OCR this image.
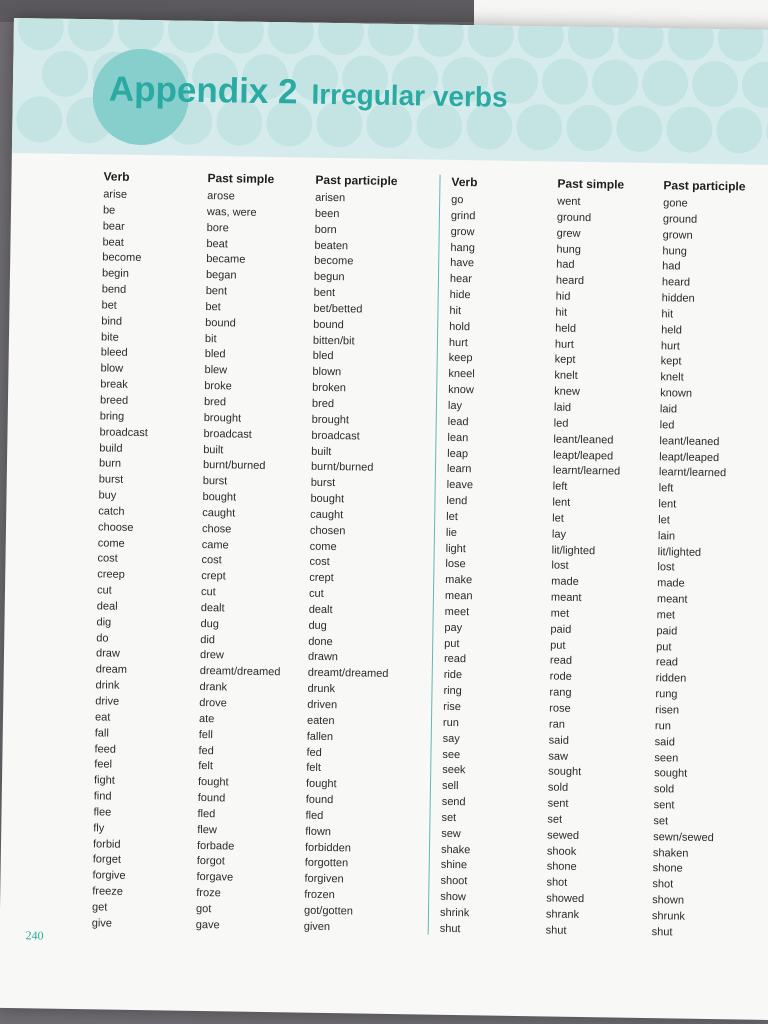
Appendix 2 Irregular verbs
Verb
arise
be
bear
beat
become
begin
bend
bet
bind
bite
bleed
blow
break
breed
bring
broadcast
build
burn
burst
buy
catch
choose
come
cost
creep
cut
deal
dig
do
draw
dream
drink
drive
eat
fall
feed
feel
fight
find
flee
fly
forbid
forget
forgive
freeze
get
give
Past simple
arose
was, were
bore
beat
became
began
bent
bet
bound
bit
bled
blew
broke
bred
brought
broadcast
built
burnt/burned
burst
bought
caught
chose
came
cost
crept
cut
dealt
dug
did
drew
dreamt/dreamed
drank
drove
ate
fell
fed
felt
fought
found
fled
flew
forbade
forgot
forgave
froze
got
gave
Past participle
arisen
been
born
beaten
become
begun
bent
bet/betted
bound
bitten/bit
bled
blown
broken
bred
brought
broadcast
built
burnt/burned
burst
bought
caught
chosen
come
cost
crept
cut
dealt
dug
done
drawn
dreamt/dreamed
drunk
driven
eaten
fallen
fed
felt
fought
found
fled
flown
forbidden
forgotten
forgiven
frozen
got/gotten
given
Verb
go
grind
grow
hang
have
hear
hide
hit
hold
hurt
keep
kneel
know
lay
lead
lean
leap
learn
leave
lend
let
lie
light
lose
make
mean
meet
pay
put
read
ride
ring
rise
run
say
see
seek
sell
send
set
sew
shake
shine
shoot
show
shrink
shut
Past simple
went
ground
grew
hung
had
heard
hid
hit
held
hurt
kept
knelt
knew
laid
led
leant/leaned
leapt/leaped
learnt/learned
left
lent
let
lay
lit/lighted
lost
made
meant
met
paid
put
read
rode
rang
rose
ran
said
saw
sought
sold
sent
set
sewed
shook
shone
shot
showed
shrank
shut
Past participle
gone
ground
grown
hung
had
heard
hidden
hit
held
hurt
kept
knelt
known
laid
led
leant/leaned
leapt/leaped
learnt/learned
left
lent
let
lain
lit/lighted
lost
made
meant
met
paid
put
read
ridden
rung
risen
run
said
seen
sought
sold
sent
set
sewn/sewed
shaken
shone
shot
shown
shrunk
shut
240
